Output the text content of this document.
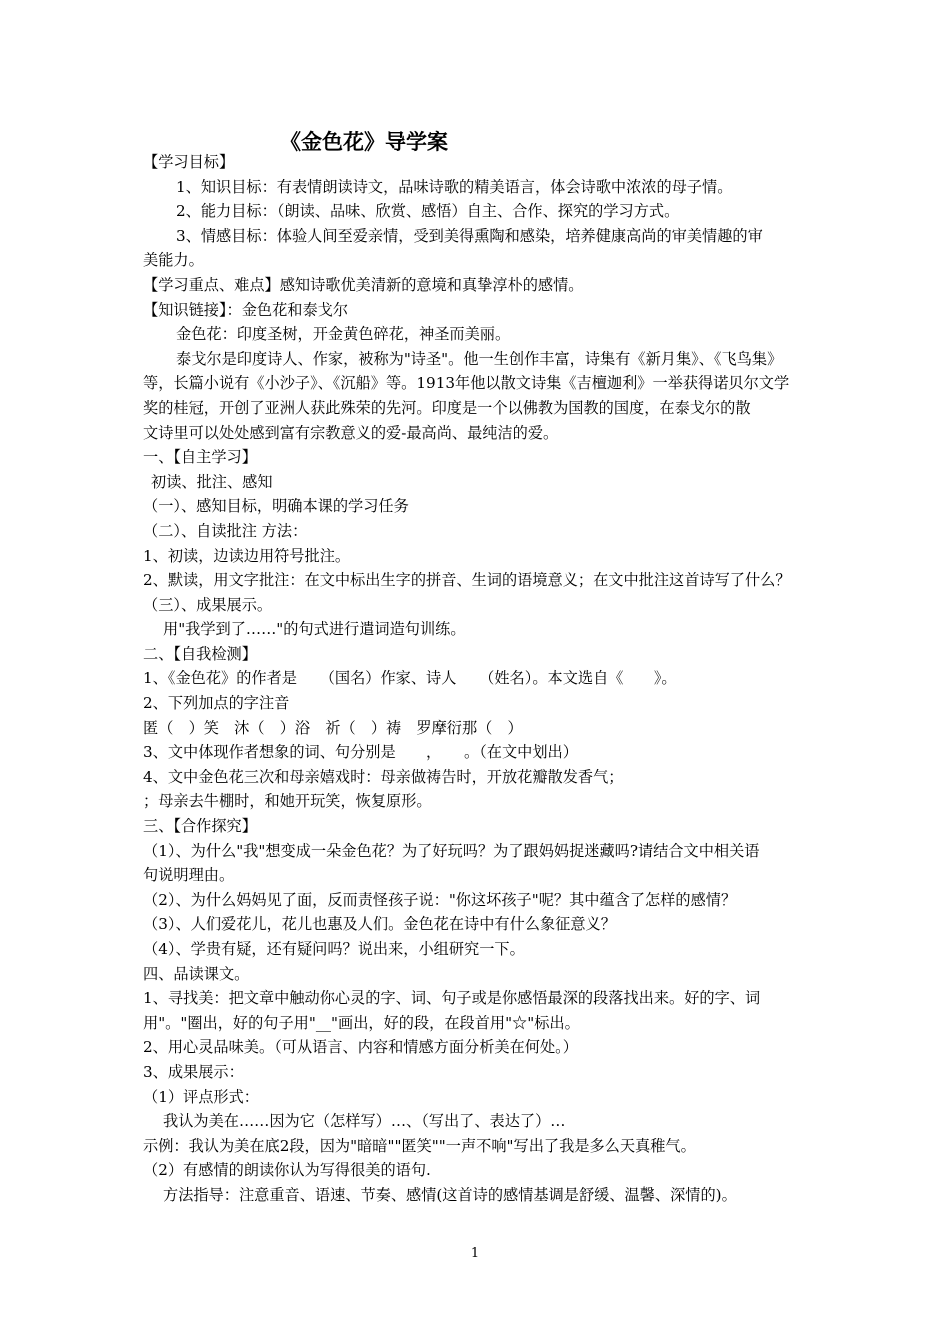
《金色花》导学案
【学习目标】
1、知识目标：有表情朗读诗文，品味诗歌的精美语言，体会诗歌中浓浓的母子情。
2、能力目标：（朗读、品味、欣赏、感悟）自主、合作、探究的学习方式。
3、情感目标：体验人间至爱亲情，受到美得熏陶和感染，培养健康高尚的审美情趣的审
美能力。
【学习重点、难点】感知诗歌优美清新的意境和真挚淳朴的感情。
【知识链接】：金色花和泰戈尔
金色花：印度圣树，开金黄色碎花，神圣而美丽。
泰戈尔是印度诗人、作家，被称为"诗圣"。他一生创作丰富，诗集有《新月集》、《飞鸟集》
等，长篇小说有《小沙子》、《沉船》等。1913年他以散文诗集《吉檀迦利》一举获得诺贝尔文学
奖的桂冠，开创了亚洲人获此殊荣的先河。印度是一个以佛教为国教的国度，在泰戈尔的散
文诗里可以处处感到富有宗教意义的爱-最高尚、最纯洁的爱。
一、【自主学习】
初读、批注、感知
（一）、感知目标，明确本课的学习任务
（二）、自读批注 方法：
1、初读，边读边用符号批注。
2、默读，用文字批注：在文中标出生字的拼音、生词的语境意义；在文中批注这首诗写了什么？
（三）、成果展示。
用"我学到了……"的句式进行遣词造句训练。
二、【自我检测】
1、《金色花》的作者是　　（国名）作家、诗人　　（姓名）。本文选自《　　》。
2、下列加点的字注音
匿（　）笑　沐（　）浴　祈（　）祷　罗摩衍那（　）
3、文中体现作者想象的词、句分别是　　，　　。（在文中划出）
4、文中金色花三次和母亲嬉戏时：母亲做祷告时，开放花瓣散发香气；
；母亲去牛棚时，和她开玩笑，恢复原形。
三、【合作探究】
（1）、为什么"我"想变成一朵金色花？为了好玩吗？为了跟妈妈捉迷藏吗?请结合文中相关语
句说明理由。
（2）、为什么妈妈见了面，反而责怪孩子说："你这坏孩子"呢？其中蕴含了怎样的感情？
（3）、人们爱花儿，花儿也惠及人们。金色花在诗中有什么象征意义？
（4）、学贵有疑，还有疑问吗？说出来，小组研究一下。
四、品读课文。
1、寻找美：把文章中触动你心灵的字、词、句子或是你感悟最深的段落找出来。好的字、词
用"。"圈出，好的句子用"__"画出，好的段，在段首用"☆"标出。
2、用心灵品味美。（可从语言、内容和情感方面分析美在何处。）
3、成果展示：
（1）评点形式：
我认为美在……因为它（怎样写）…、（写出了、表达了）…
示例：我认为美在底2段，因为"暗暗""匿笑""一声不响"写出了我是多么天真稚气。
（2）有感情的朗读你认为写得很美的语句.
方法指导：注意重音、语速、节奏、感情(这首诗的感情基调是舒缓、温馨、深情的)。
1
